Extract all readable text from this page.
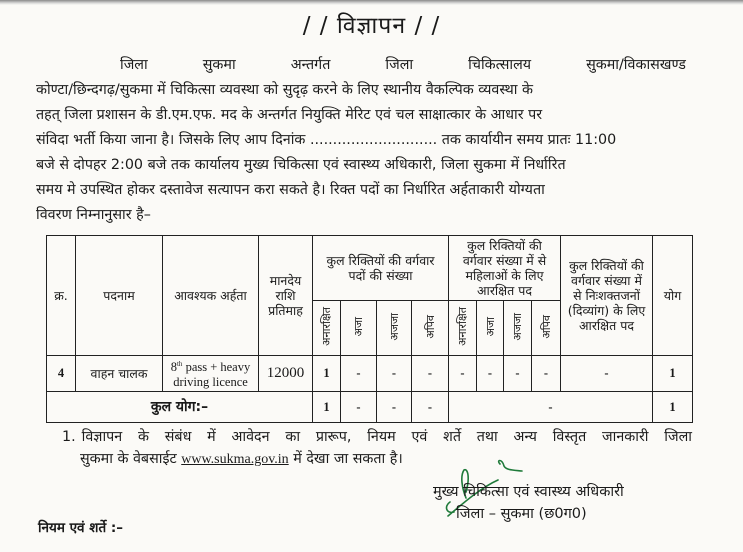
/ / विज्ञापन / /
जिला	सुकमा	अन्तर्गत	जिला	चिकित्सालय	सुकमा/विकासखण्ड
कोण्टा/छिन्दगढ़/सुकमा में चिकित्सा व्यवस्था को सुदृढ़ करने के लिए स्थानीय वैकल्पिक व्यवस्था के
तहत् जिला प्रशासन के डी.एम.एफ. मद के अन्तर्गत नियुक्ति मेरिट एवं चल साक्षात्कार के आधार पर
संविदा भर्ती किया जाना है। जिसके लिए आप दिनांक ............................ तक कार्यायीन समय प्रातः 11:00
बजे से दोपहर 2:00 बजे तक कार्यालय मुख्य चिकित्सा एवं स्वास्थ्य अधिकारी, जिला सुकमा में निर्धारित
समय मे उपस्थित होकर दस्तावेज सत्यापन करा सकते है। रिक्त पदों का निर्धारित अर्हताकारी योग्यता
विवरण निम्नानुसार है–
क्र.	पदनाम	आवश्यक अर्हता	मानदेय राशि प्रतिमाह	कुल रिक्तियों की वर्गवार पदों की संख्या				कुल रिक्तियों की वर्गवार संख्या में से महिलाओं के लिए आरक्षित पद				कुल रिक्तियों की वर्गवार संख्या में से निःशक्तजनों (दिव्यांग) के लिए आरक्षित पद	योग
				अनारक्षित	अजा	अजजा	अपिव	अनारक्षित	अजा	अजजा	अपिव		
4	वाहन चालक	8th pass + heavy
driving licence	12000	1	-	-	-	-	-	-	-	-	1
कुल योग:–				1	-	-	-	-					1
1. विज्ञापन के संबंध में आवेदन का प्रारूप, नियम एवं शर्ते तथा अन्य विस्तृत जानकारी जिला
सुकमा के वेबसाईट www.sukma.gov.in में देखा जा सकता है।
मुख्य चिकित्सा एवं स्वास्थ्य अधिकारी
जिला – सुकमा (छ0ग0)
नियम एवं शर्ते :–
